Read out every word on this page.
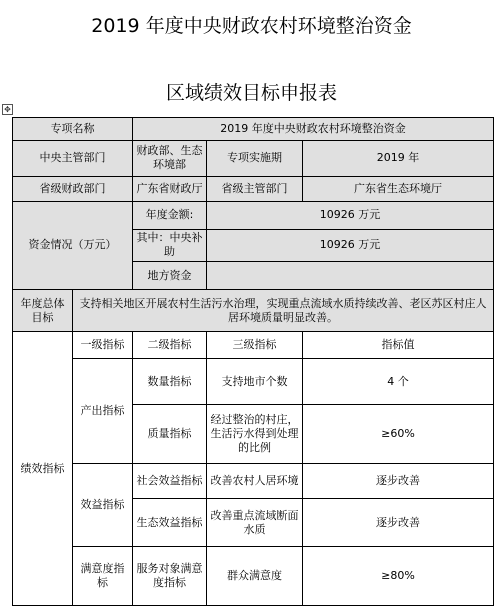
2019 年度中央财政农村环境整治资金
区域绩效目标申报表
✥
专项名称		2019 年度中央财政农村环境整治资金		
中央主管部门		财政部、生态环境部	专项实施期	2019 年
省级财政部门		广东省财政厅	省级主管部门	广东省生态环境厅
资金情况（万元）		年度金额:	10926 万元	
		其中：中央补助	10926 万元	
		地方资金		
年度总体目标	支持相关地区开展农村生活污水治理，实现重点流域水质持续改善、老区苏区村庄人居环境质量明显改善。			
绩效指标	一级指标	二级指标	三级指标	指标值
	产出指标	数量指标	支持地市个数	4 个
		质量指标	经过整治的村庄，生活污水得到处理的比例	≥60%
	效益指标	社会效益指标	改善农村人居环境	逐步改善
		生态效益指标	改善重点流域断面水质	逐步改善
	满意度指标	服务对象满意度指标	群众满意度	≥80%
